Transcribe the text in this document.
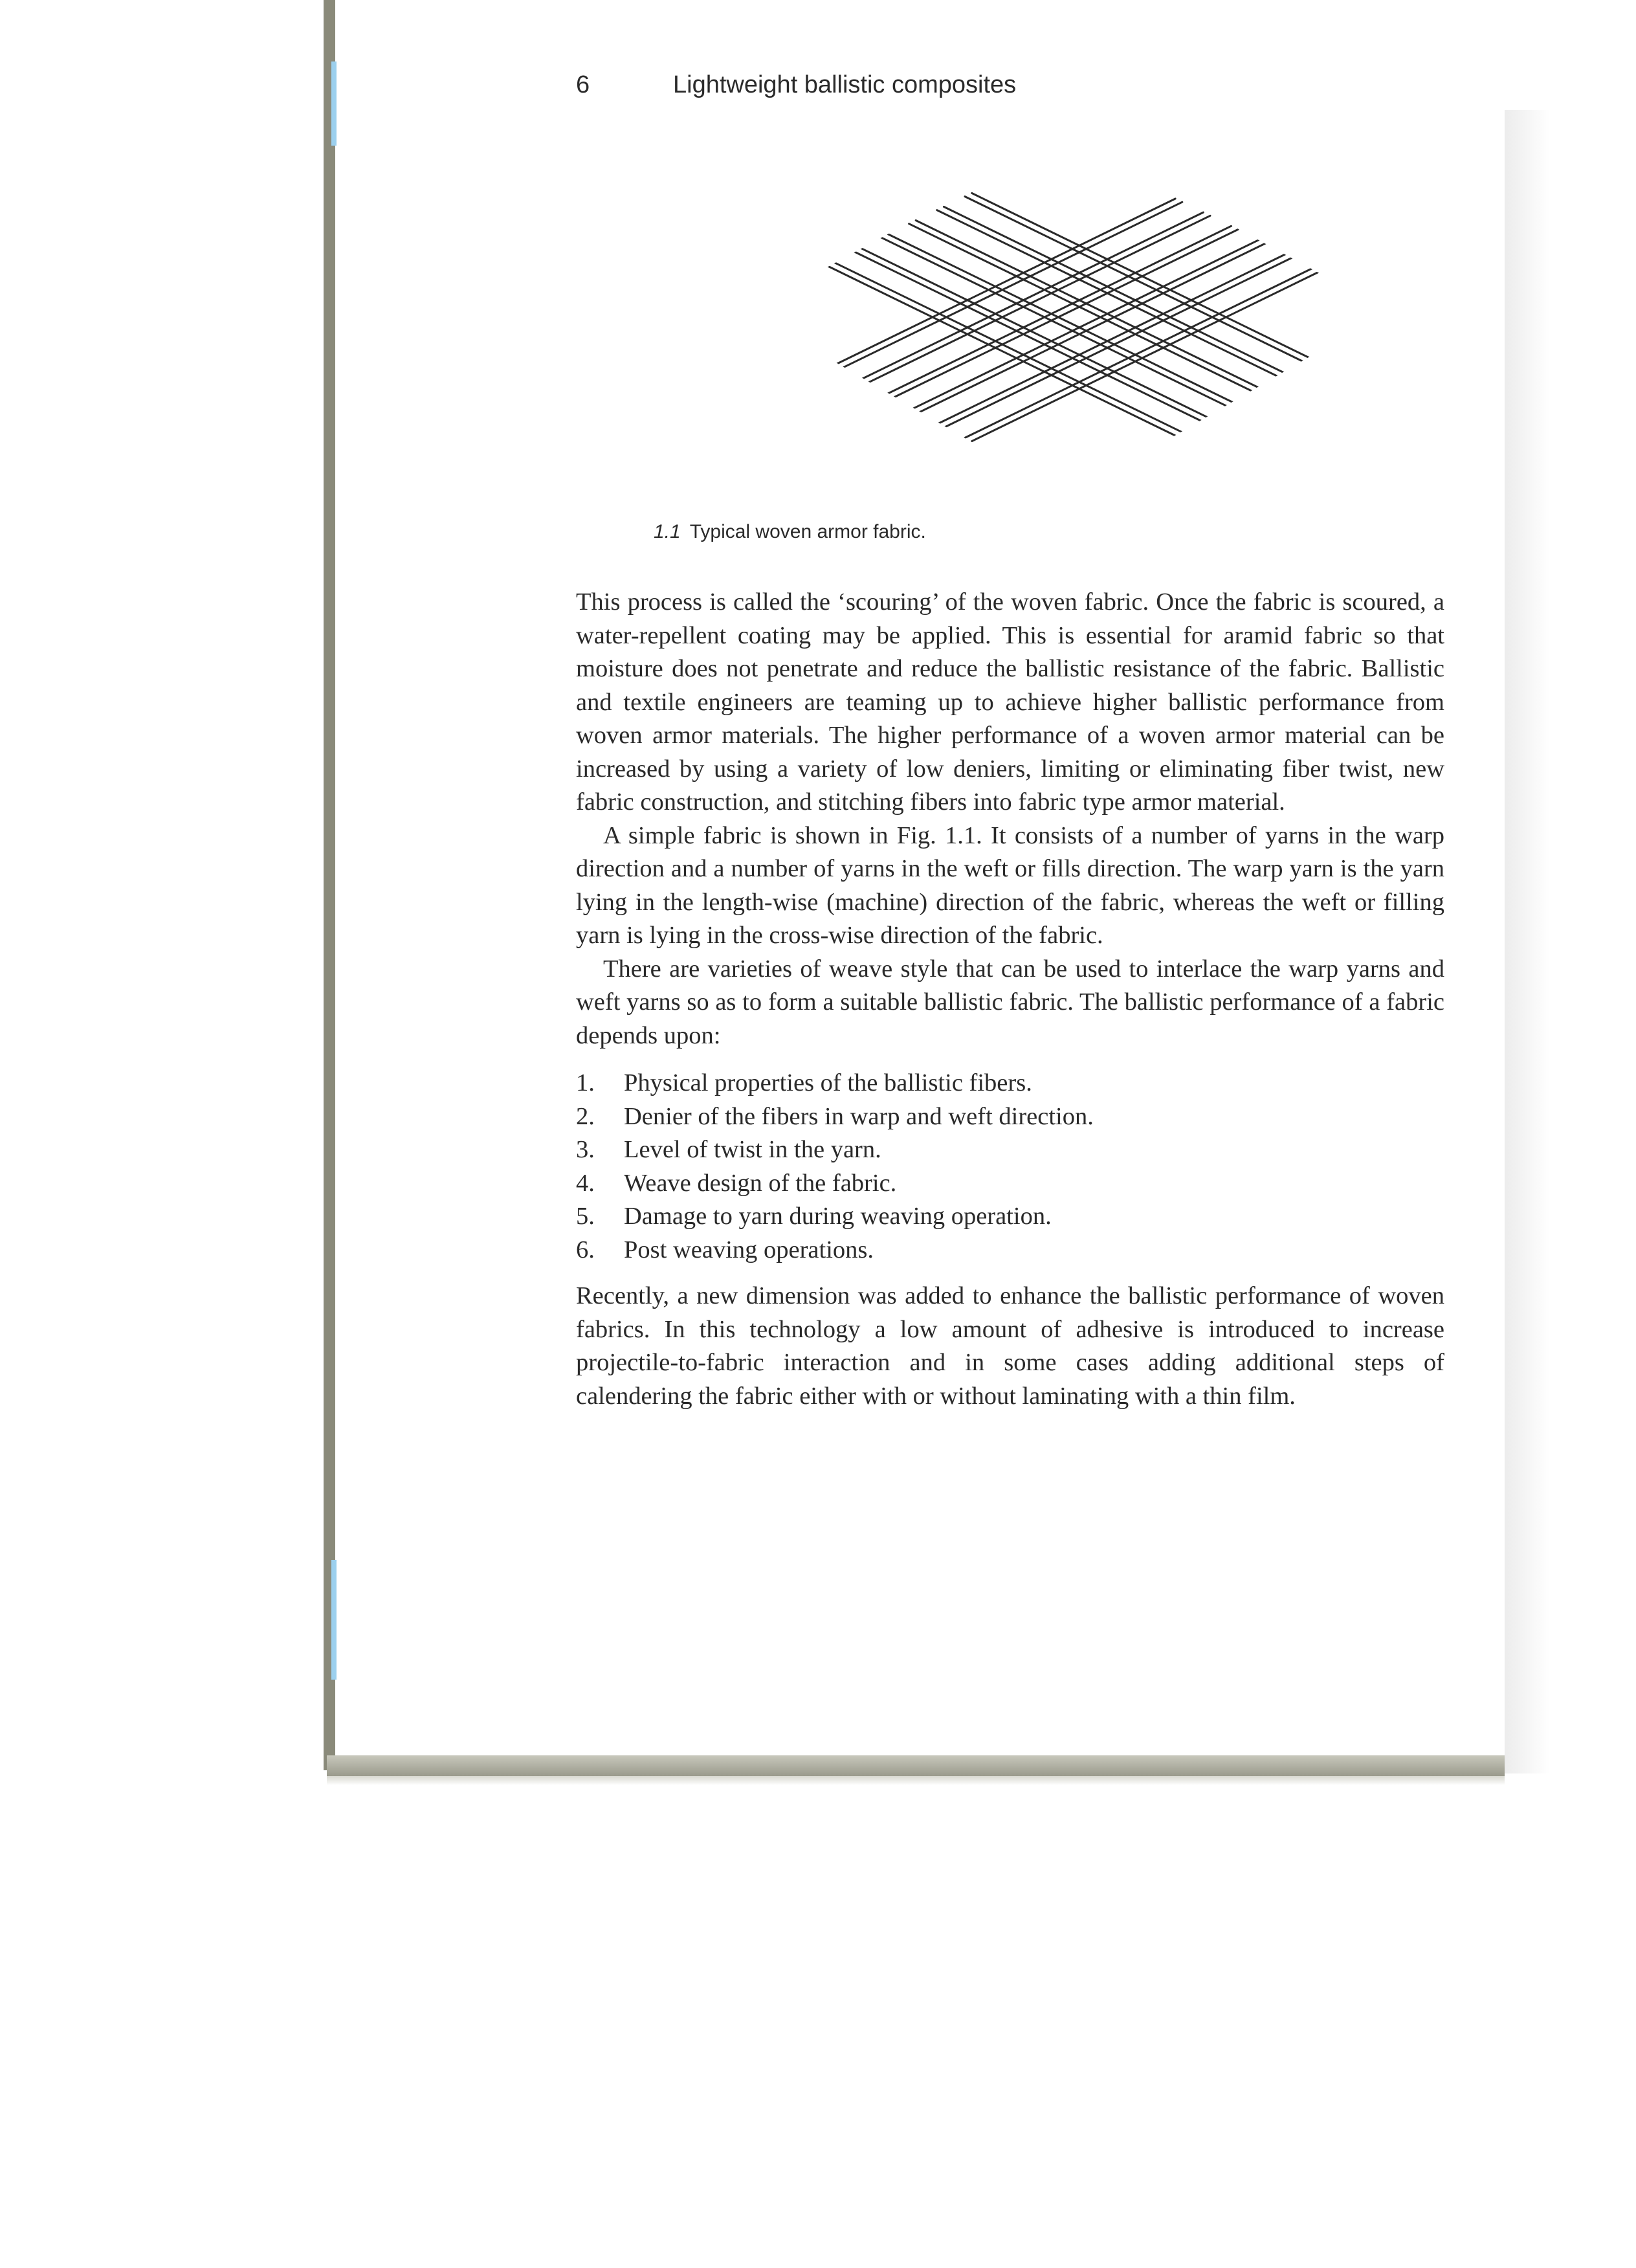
6	Lightweight ballistic composites
1.1 Typical woven armor fabric.

This process is called the ‘scouring’ of the woven fabric. Once the fabric is scoured, a water-repellent coating may be applied. This is essential for aramid fabric so that moisture does not penetrate and reduce the ballistic resistance of the fabric. Ballistic and textile engineers are teaming up to achieve higher ballistic performance from woven armor materials. The higher performance of a woven armor material can be increased by using a variety of low deniers, limiting or eliminating fiber twist, new fabric construction, and stitching fibers into fabric type armor material.

A simple fabric is shown in Fig. 1.1. It consists of a number of yarns in the warp direction and a number of yarns in the weft or fills direction. The warp yarn is the yarn lying in the length-wise (machine) direction of the fabric, whereas the weft or filling yarn is lying in the cross-wise direction of the fabric.

There are varieties of weave style that can be used to interlace the warp yarns and weft yarns so as to form a suitable ballistic fabric. The ballistic performance of a fabric depends upon:

1.	Physical properties of the ballistic fibers.
2.	Denier of the fibers in warp and weft direction.
3.	Level of twist in the yarn.
4.	Weave design of the fabric.
5.	Damage to yarn during weaving operation.
6.	Post weaving operations.

Recently, a new dimension was added to enhance the ballistic performance of woven fabrics. In this technology a low amount of adhesive is introduced to increase projectile-to-fabric interaction and in some cases adding additional steps of calendering the fabric either with or without laminating with a thin film.
